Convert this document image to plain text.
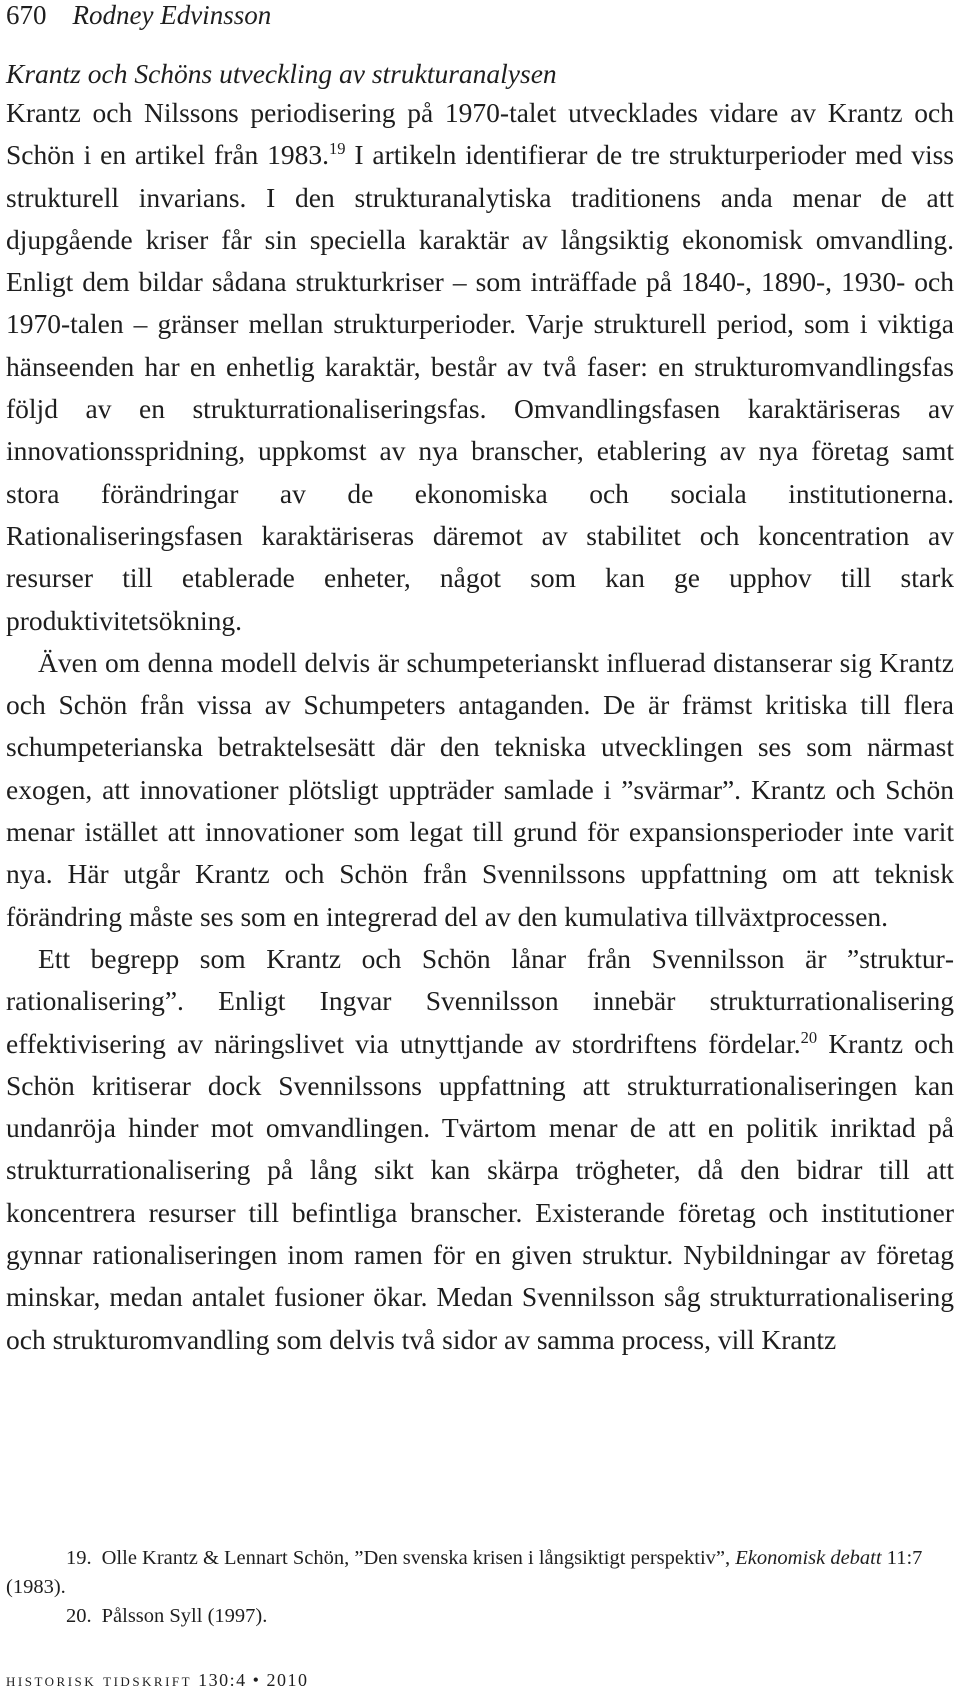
670 Rodney Edvinsson
Krantz och Schöns utveckling av strukturanalysen

Krantz och Nilssons periodisering på 1970-talet utvecklades vidare av Krantz och Schön i en artikel från 1983.19 I artikeln identifierar de tre strukturperioder med viss strukturell invarians. I den strukturanalytiska traditionens anda menar de att djupgående kriser får sin speciella karaktär av långsiktig ekonomisk omvandling. Enligt dem bildar sådana strukturkriser – som inträffade på 1840-, 1890-, 1930- och 1970-talen – gränser mellan strukturperioder. Varje strukturell period, som i viktiga hänseenden har en enhetlig karaktär, består av två faser: en strukturomvandlingsfas följd av en strukturrationaliseringsfas. Omvandlingsfasen karaktäriseras av innovationsspridning, uppkomst av nya branscher, etablering av nya företag samt stora förändringar av de ekonomiska och sociala institutionerna. Rationaliseringsfasen karaktäriseras däremot av stabilitet och koncentration av resurser till etablerade enheter, något som kan ge upphov till stark produktivitetsökning.

Även om denna modell delvis är schumpeterianskt influerad distanserar sig Krantz och Schön från vissa av Schumpeters antaganden. De är främst kritiska till flera schumpeterianska betraktelsesätt där den tekniska utvecklingen ses som närmast exogen, att innovationer plötsligt uppträder samlade i ”svärmar”. Krantz och Schön menar istället att innovationer som legat till grund för expansionsperioder inte varit nya. Här utgår Krantz och Schön från Svennilssons uppfattning om att teknisk förändring måste ses som en integrerad del av den kumulativa tillväxtprocessen.

Ett begrepp som Krantz och Schön lånar från Svennilsson är ”strukturrationalisering”. Enligt Ingvar Svennilsson innebär strukturrationalisering effektivisering av näringslivet via utnyttjande av stordriftens fördelar.$^{20}$ Krantz och Schön kritiserar dock Svennilssons uppfattning att strukturrationaliseringen kan undanröja hinder mot omvandlingen. Tvärtom menar de att en politik inriktad på strukturrationalisering på lång sikt kan skärpa trögheter, då den bidrar till att koncentrera resurser till befintliga branscher. Existerande företag och institutioner gynnar rationaliseringen inom ramen för en given struktur. Nybildningar av företag minskar, medan antalet fusioner ökar. Medan Svennilsson såg strukturrationalisering och strukturomvandling som delvis två sidor av samma process, vill Krantz

19. Olle Krantz & Lennart Schön, ”Den svenska krisen i långsiktigt perspektiv”, Ekonomisk debatt 11:7 (1983).

20. Pålsson Syll (1997).

historisk tidskrift 130:4 • 2010
